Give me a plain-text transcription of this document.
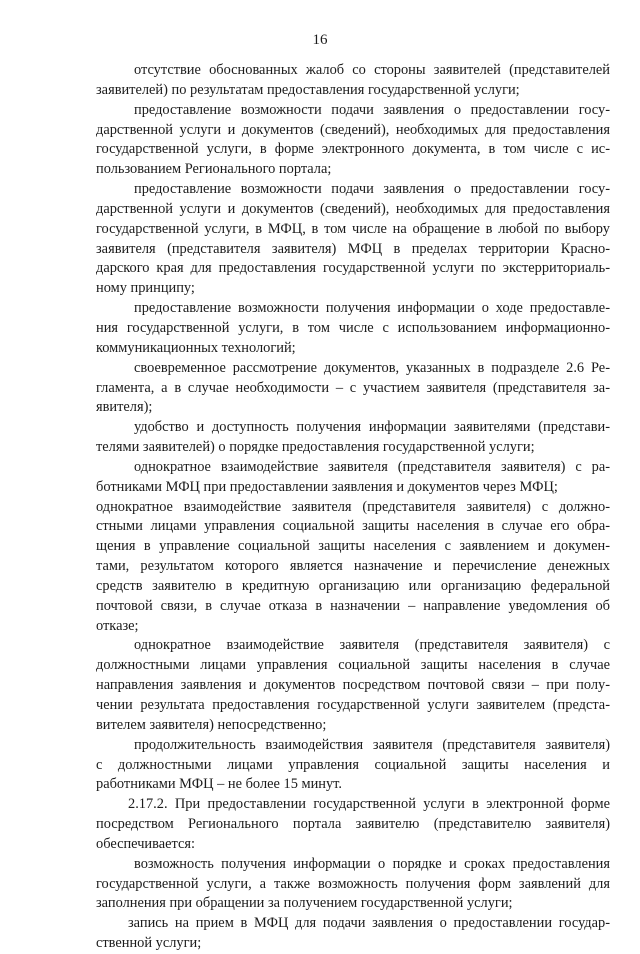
16
отсутствие обоснованных жалоб со стороны заявителей (представителей
заявителей) по результатам предоставления государственной услуги;
предоставление возможности подачи заявления о предоставлении госу-
дарственной услуги и документов (сведений), необходимых для предоставления
государственной услуги, в форме электронного документа, в том числе с ис-
пользованием Регионального портала;
предоставление возможности подачи заявления о предоставлении госу-
дарственной услуги и документов (сведений), необходимых для предоставления
государственной услуги, в МФЦ, в том числе на обращение в любой по выбору
заявителя (представителя заявителя) МФЦ в пределах территории Красно-
дарского края для предоставления государственной услуги по экстерриториаль-
ному принципу;
предоставление возможности получения информации о ходе предоставле-
ния государственной услуги, в том числе с использованием информационно-
коммуникационных технологий;
своевременное рассмотрение документов, указанных в подразделе 2.6 Ре-
гламента, а в случае необходимости – с участием заявителя (представителя за-
явителя);
удобство и доступность получения информации заявителями (представи-
телями заявителей) о порядке предоставления государственной услуги;
однократное взаимодействие заявителя (представителя заявителя) с ра-
ботниками МФЦ при предоставлении заявления и документов через МФЦ;
однократное взаимодействие заявителя (представителя заявителя) с должно-
стными лицами управления социальной защиты населения в случае его обра-
щения в управление социальной защиты населения с заявлением и докумен-
тами, результатом которого является назначение и перечисление денежных
средств заявителю в кредитную организацию или организацию федеральной
почтовой связи, в случае отказа в назначении – направление уведомления об
отказе;
однократное взаимодействие заявителя (представителя заявителя) с
должностными лицами управления социальной защиты населения в случае
направления заявления и документов посредством почтовой связи – при полу-
чении результата предоставления государственной услуги заявителем (предста-
вителем заявителя) непосредственно;
продолжительность взаимодействия заявителя (представителя заявителя)
с должностными лицами управления социальной защиты населения и
работниками МФЦ – не более 15 минут.
2.17.2. При предоставлении государственной услуги в электронной форме
посредством Регионального портала заявителю (представителю заявителя)
обеспечивается:
возможность получения информации о порядке и сроках предоставления
государственной услуги, а также возможность получения форм заявлений для
заполнения при обращении за получением государственной услуги;
запись на прием в МФЦ для подачи заявления о предоставлении государ-
ственной услуги;
